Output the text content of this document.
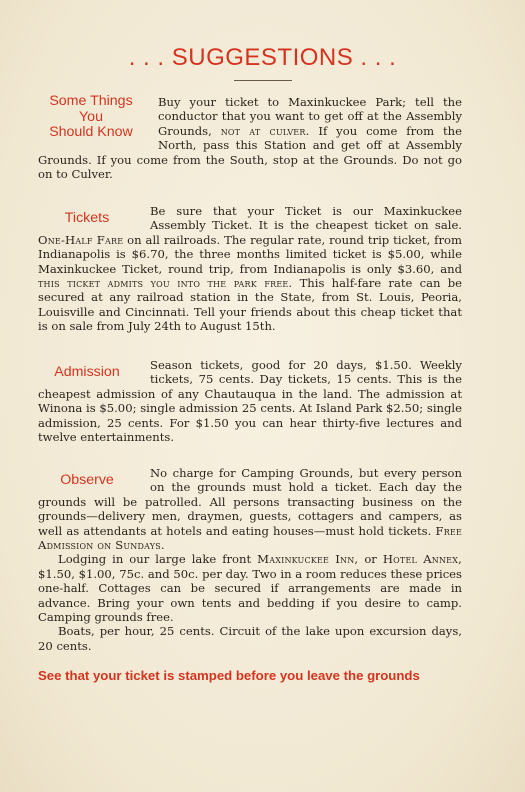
. . . SUGGESTIONS . . .
Some Things
You
Should Know
Buy your ticket to Maxinkuckee Park; tell the conductor that you want to get off at the Assembly Grounds, not at culver. If you come from the North, pass this Station and get off at Assembly Grounds. If you come from the South, stop at the Grounds. Do not go on to Culver.
Tickets	Be sure that your Ticket is our Maxinkuckee Assembly Ticket. It is the cheapest ticket on sale. One-Half Fare on all railroads. The regular rate, round trip ticket, from Indianapolis is $6.70, the three months limited ticket is $5.00, while Maxinkuckee Ticket, round trip, from Indianapolis is only $3.60, and this ticket admits you into the park free. This half-fare rate can be secured at any railroad station in the State, from St. Louis, Peoria, Louisville and Cincinnati. Tell your friends about this cheap ticket that is on sale from July 24th to August 15th.
Admission	Season tickets, good for 20 days, $1.50. Weekly tickets, 75 cents. Day tickets, 15 cents. This is the cheapest admission of any Chautauqua in the land. The admission at Winona is $5.00; single admission 25 cents. At Island Park $2.50; single admission, 25 cents. For $1.50 you can hear thirty-five lectures and twelve entertainments.
Observe	No charge for Camping Grounds, but every person on the grounds must hold a ticket. Each day the grounds will be patrolled. All persons transacting business on the grounds—delivery men, draymen, guests, cottagers and campers, as well as attendants at hotels and eating houses—must hold tickets. Free Admission on Sundays.
Lodging in our large lake front Maxinkuckee Inn, or Hotel Annex, $1.50, $1.00, 75c. and 50c. per day. Two in a room reduces these prices one-half. Cottages can be secured if arrangements are made in advance. Bring your own tents and bedding if you desire to camp. Camping grounds free.
Boats, per hour, 25 cents. Circuit of the lake upon excursion days, 20 cents.
See that your ticket is stamped before you leave the grounds
